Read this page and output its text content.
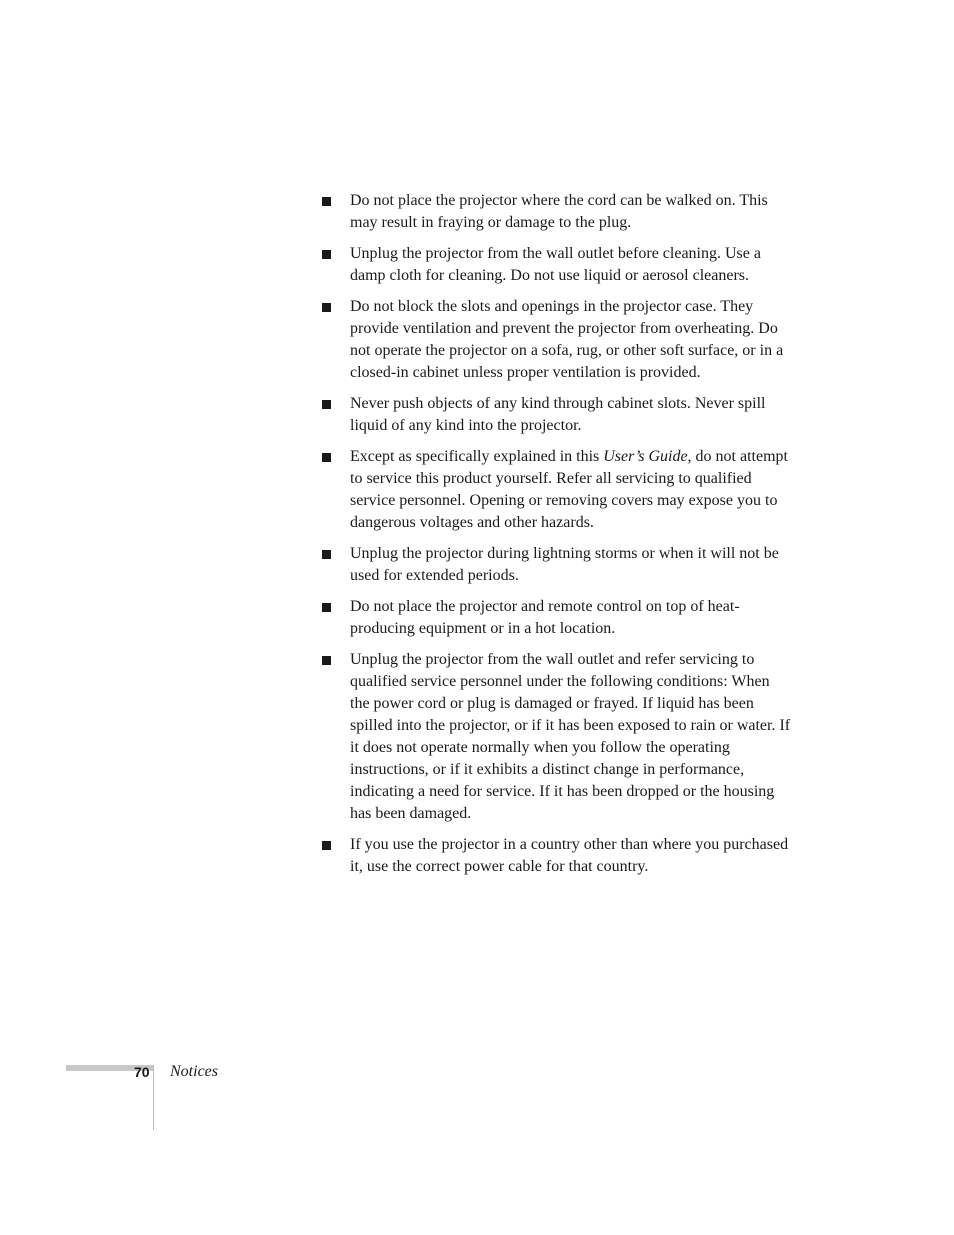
Do not place the projector where the cord can be walked on. This may result in fraying or damage to the plug.
Unplug the projector from the wall outlet before cleaning. Use a damp cloth for cleaning. Do not use liquid or aerosol cleaners.
Do not block the slots and openings in the projector case. They provide ventilation and prevent the projector from overheating. Do not operate the projector on a sofa, rug, or other soft surface, or in a closed-in cabinet unless proper ventilation is provided.
Never push objects of any kind through cabinet slots. Never spill liquid of any kind into the projector.
Except as specifically explained in this User’s Guide, do not attempt to service this product yourself. Refer all servicing to qualified service personnel. Opening or removing covers may expose you to dangerous voltages and other hazards.
Unplug the projector during lightning storms or when it will not be used for extended periods.
Do not place the projector and remote control on top of heat-producing equipment or in a hot location.
Unplug the projector from the wall outlet and refer servicing to qualified service personnel under the following conditions: When the power cord or plug is damaged or frayed. If liquid has been spilled into the projector, or if it has been exposed to rain or water. If it does not operate normally when you follow the operating instructions, or if it exhibits a distinct change in performance, indicating a need for service. If it has been dropped or the housing has been damaged.
If you use the projector in a country other than where you purchased it, use the correct power cable for that country.
70 Notices
